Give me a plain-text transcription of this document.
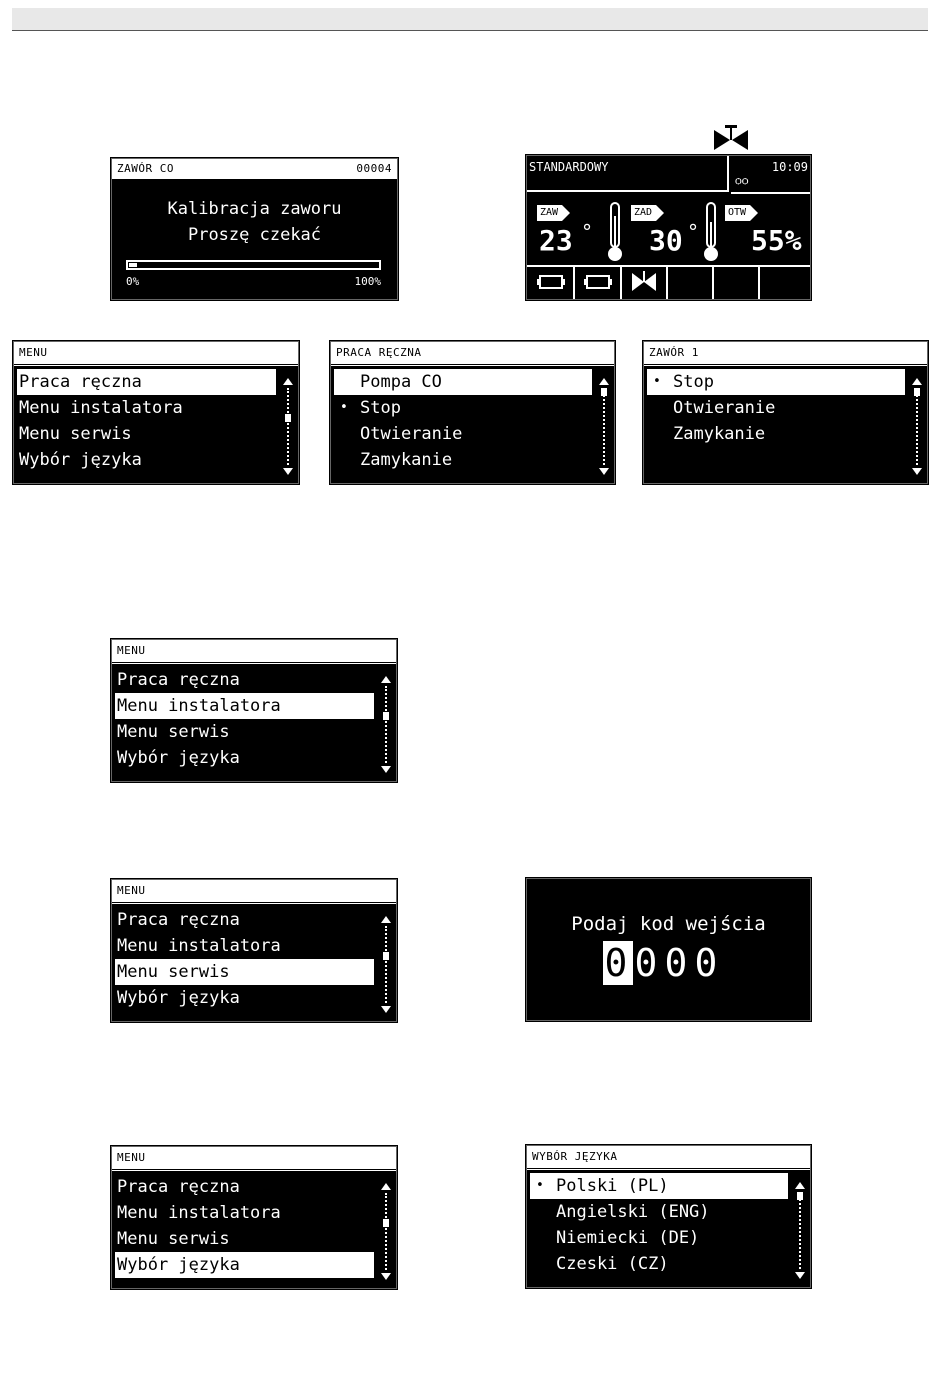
ZAWÓR CO	00004
Kalibracja zaworu
Proszę czekać
0%	100%
STANDARDOWY	10:09
ѻѻ
ZAW
23 °
ZAD
30 °
OTW
55%
MENU
Praca ręczna
Menu instalatora
Menu serwis
Wybór języka
PRACA RĘCZNA
Pompa CO
• Stop
Otwieranie
Zamykanie
ZAWÓR 1
• Stop
Otwieranie
Zamykanie
MENU
Praca ręczna
Menu instalatora
Menu serwis
Wybór języka
MENU
Praca ręczna
Menu instalatora
Menu serwis
Wybór języka
Podaj kod wejścia
0000
MENU
Praca ręczna
Menu instalatora
Menu serwis
Wybór języka
WYBÓR JĘZYKA
• Polski (PL)
Angielski (ENG)
Niemiecki (DE)
Czeski (CZ)
